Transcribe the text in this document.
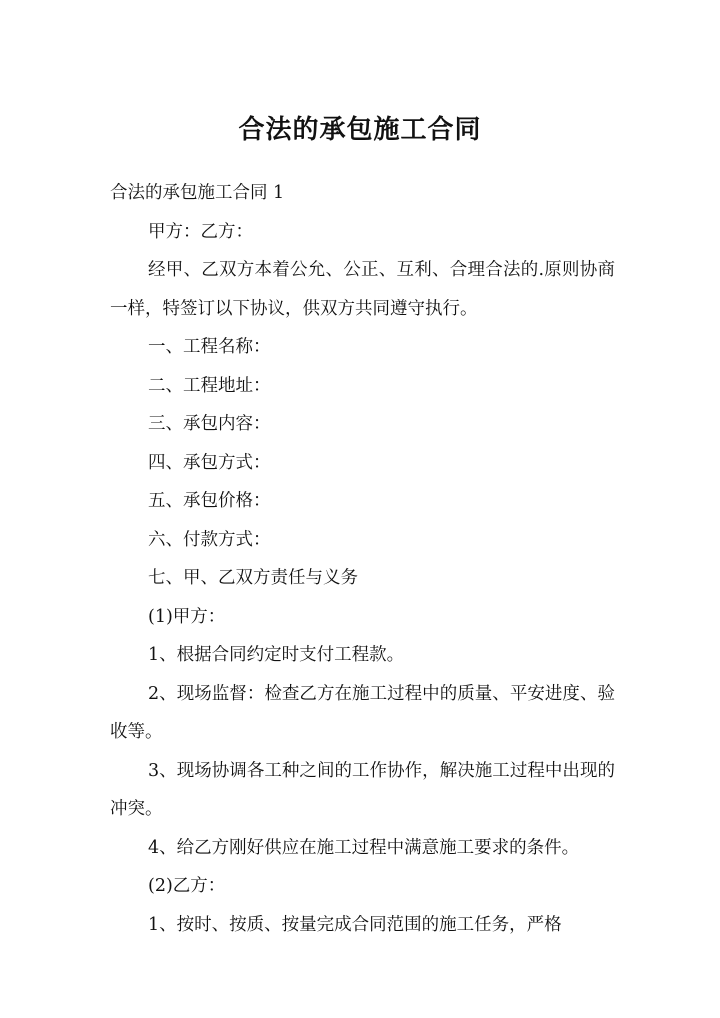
合法的承包施工合同

合法的承包施工合同 1

甲方：乙方：

经甲、乙双方本着公允、公正、互利、合理合法的.原则协商一样，特签订以下协议，供双方共同遵守执行。

一、工程名称：

二、工程地址：

三、承包内容：

四、承包方式：

五、承包价格：

六、付款方式：

七、甲、乙双方责任与义务

(1)甲方：

1、根据合同约定时支付工程款。

2、现场监督：检查乙方在施工过程中的质量、平安进度、验收等。

3、现场协调各工种之间的工作协作，解决施工过程中出现的冲突。

4、给乙方刚好供应在施工过程中满意施工要求的条件。

(2)乙方：

1、按时、按质、按量完成合同范围的施工任务，严格
